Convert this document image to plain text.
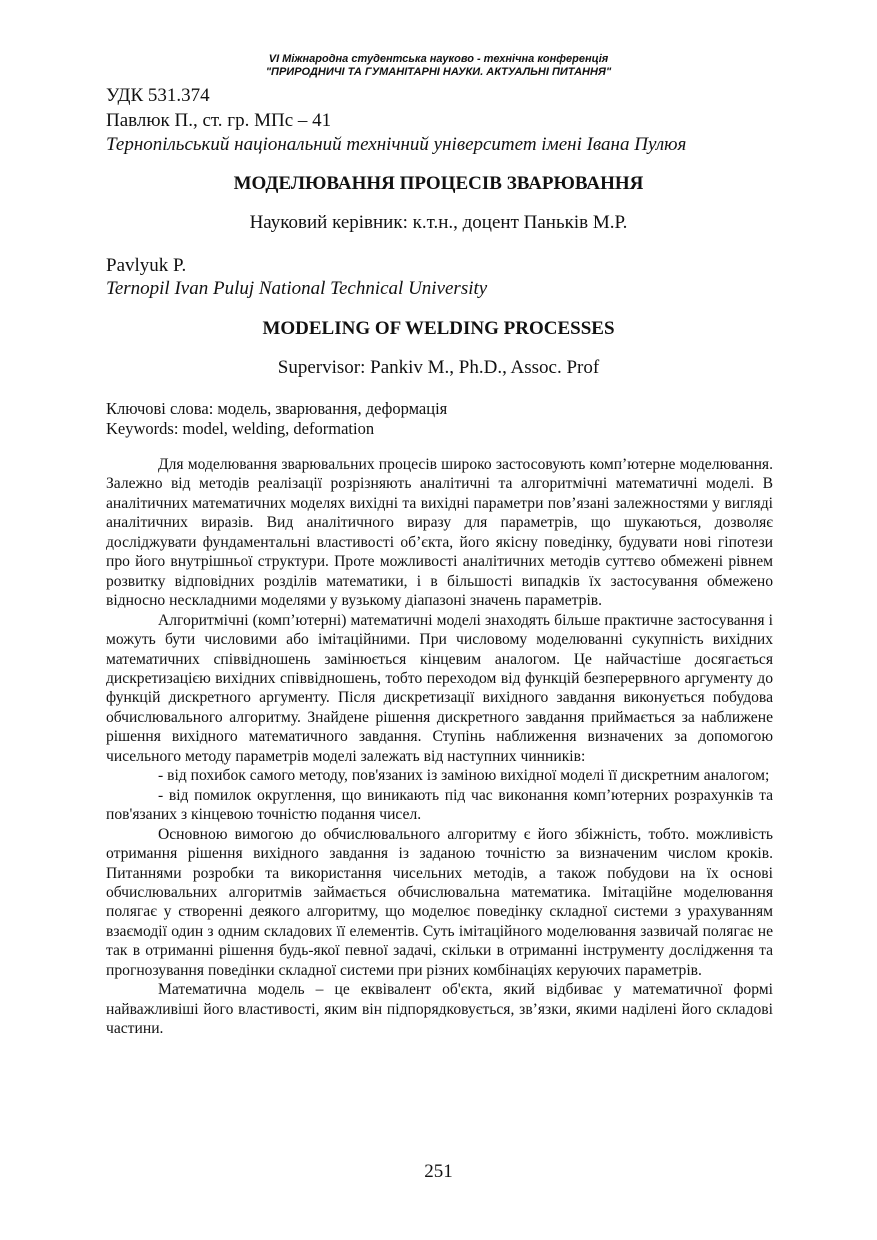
VI Міжнародна студентська науково - технічна конференція
"ПРИРОДНИЧІ ТА ГУМАНІТАРНІ НАУКИ. АКТУАЛЬНІ ПИТАННЯ"
УДК 531.374
Павлюк П., ст. гр. МПс – 41
Тернопільський національний технічний університет імені Івана Пулюя
МОДЕЛЮВАННЯ ПРОЦЕСІВ ЗВАРЮВАННЯ
Науковий керівник: к.т.н., доцент Паньків М.Р.
Pavlyuk P.
Ternopil Ivan Puluj National Technical University
MODELING OF WELDING PROCESSES
Supervisor: Pankiv M., Ph.D., Assoc. Prof
Ключові слова: модель, зварювання, деформація
Keywords: model, welding, deformation

Для моделювання зварювальних процесів широко застосовують комп’ютерне моделювання. Залежно від методів реалізації розрізняють аналітичні та алгоритмічні математичні моделі. В аналітичних математичних моделях вихідні та вихідні параметри пов’язані залежностями у вигляді аналітичних виразів. Вид аналітичного виразу для параметрів, що шукаються, дозволяє досліджувати фундаментальні властивості об’єкта, його якісну поведінку, будувати нові гіпотези про його внутрішньої структури. Проте можливості аналітичних методів суттєво обмежені рівнем розвитку відповідних розділів математики, і в більшості випадків їх застосування обмежено відносно нескладними моделями у вузькому діапазоні значень параметрів.

Алгоритмічні (комп’ютерні) математичні моделі знаходять більше практичне застосування і можуть бути числовими або імітаційними. При числовому моделюванні сукупність вихідних математичних співвідношень замінюється кінцевим аналогом. Це найчастіше досягається дискретизацією вихідних співвідношень, тобто переходом від функцій безперервного аргументу до функцій дискретного аргументу. Після дискретизації вихідного завдання виконується побудова обчислювального алгоритму. Знайдене рішення дискретного завдання приймається за наближене рішення вихідного математичного завдання. Ступінь наближення визначених за допомогою чисельного методу параметрів моделі залежать від наступних чинників:

- від похибок самого методу, пов'язаних із заміною вихідної моделі її дискретним аналогом;

- від помилок округлення, що виникають під час виконання комп’ютерних розрахунків та пов'язаних з кінцевою точністю подання чисел.

Основною вимогою до обчислювального алгоритму є його збіжність, тобто. можливість отримання рішення вихідного завдання із заданою точністю за визначеним числом кроків. Питаннями розробки та використання чисельних методів, а також побудови на їх основі обчислювальних алгоритмів займається обчислювальна математика. Імітаційне моделювання полягає у створенні деякого алгоритму, що моделює поведінку складної системи з урахуванням взаємодії один з одним складових її елементів. Суть імітаційного моделювання зазвичай полягає не так в отриманні рішення будь-якої певної задачі, скільки в отриманні інструменту дослідження та прогнозування поведінки складної системи при різних комбінаціях керуючих параметрів.

Математична модель – це еквівалент об'єкта, який відбиває у математичної формі найважливіші його властивості, яким він підпорядковується, зв’язки, якими наділені його складові частини.

251
